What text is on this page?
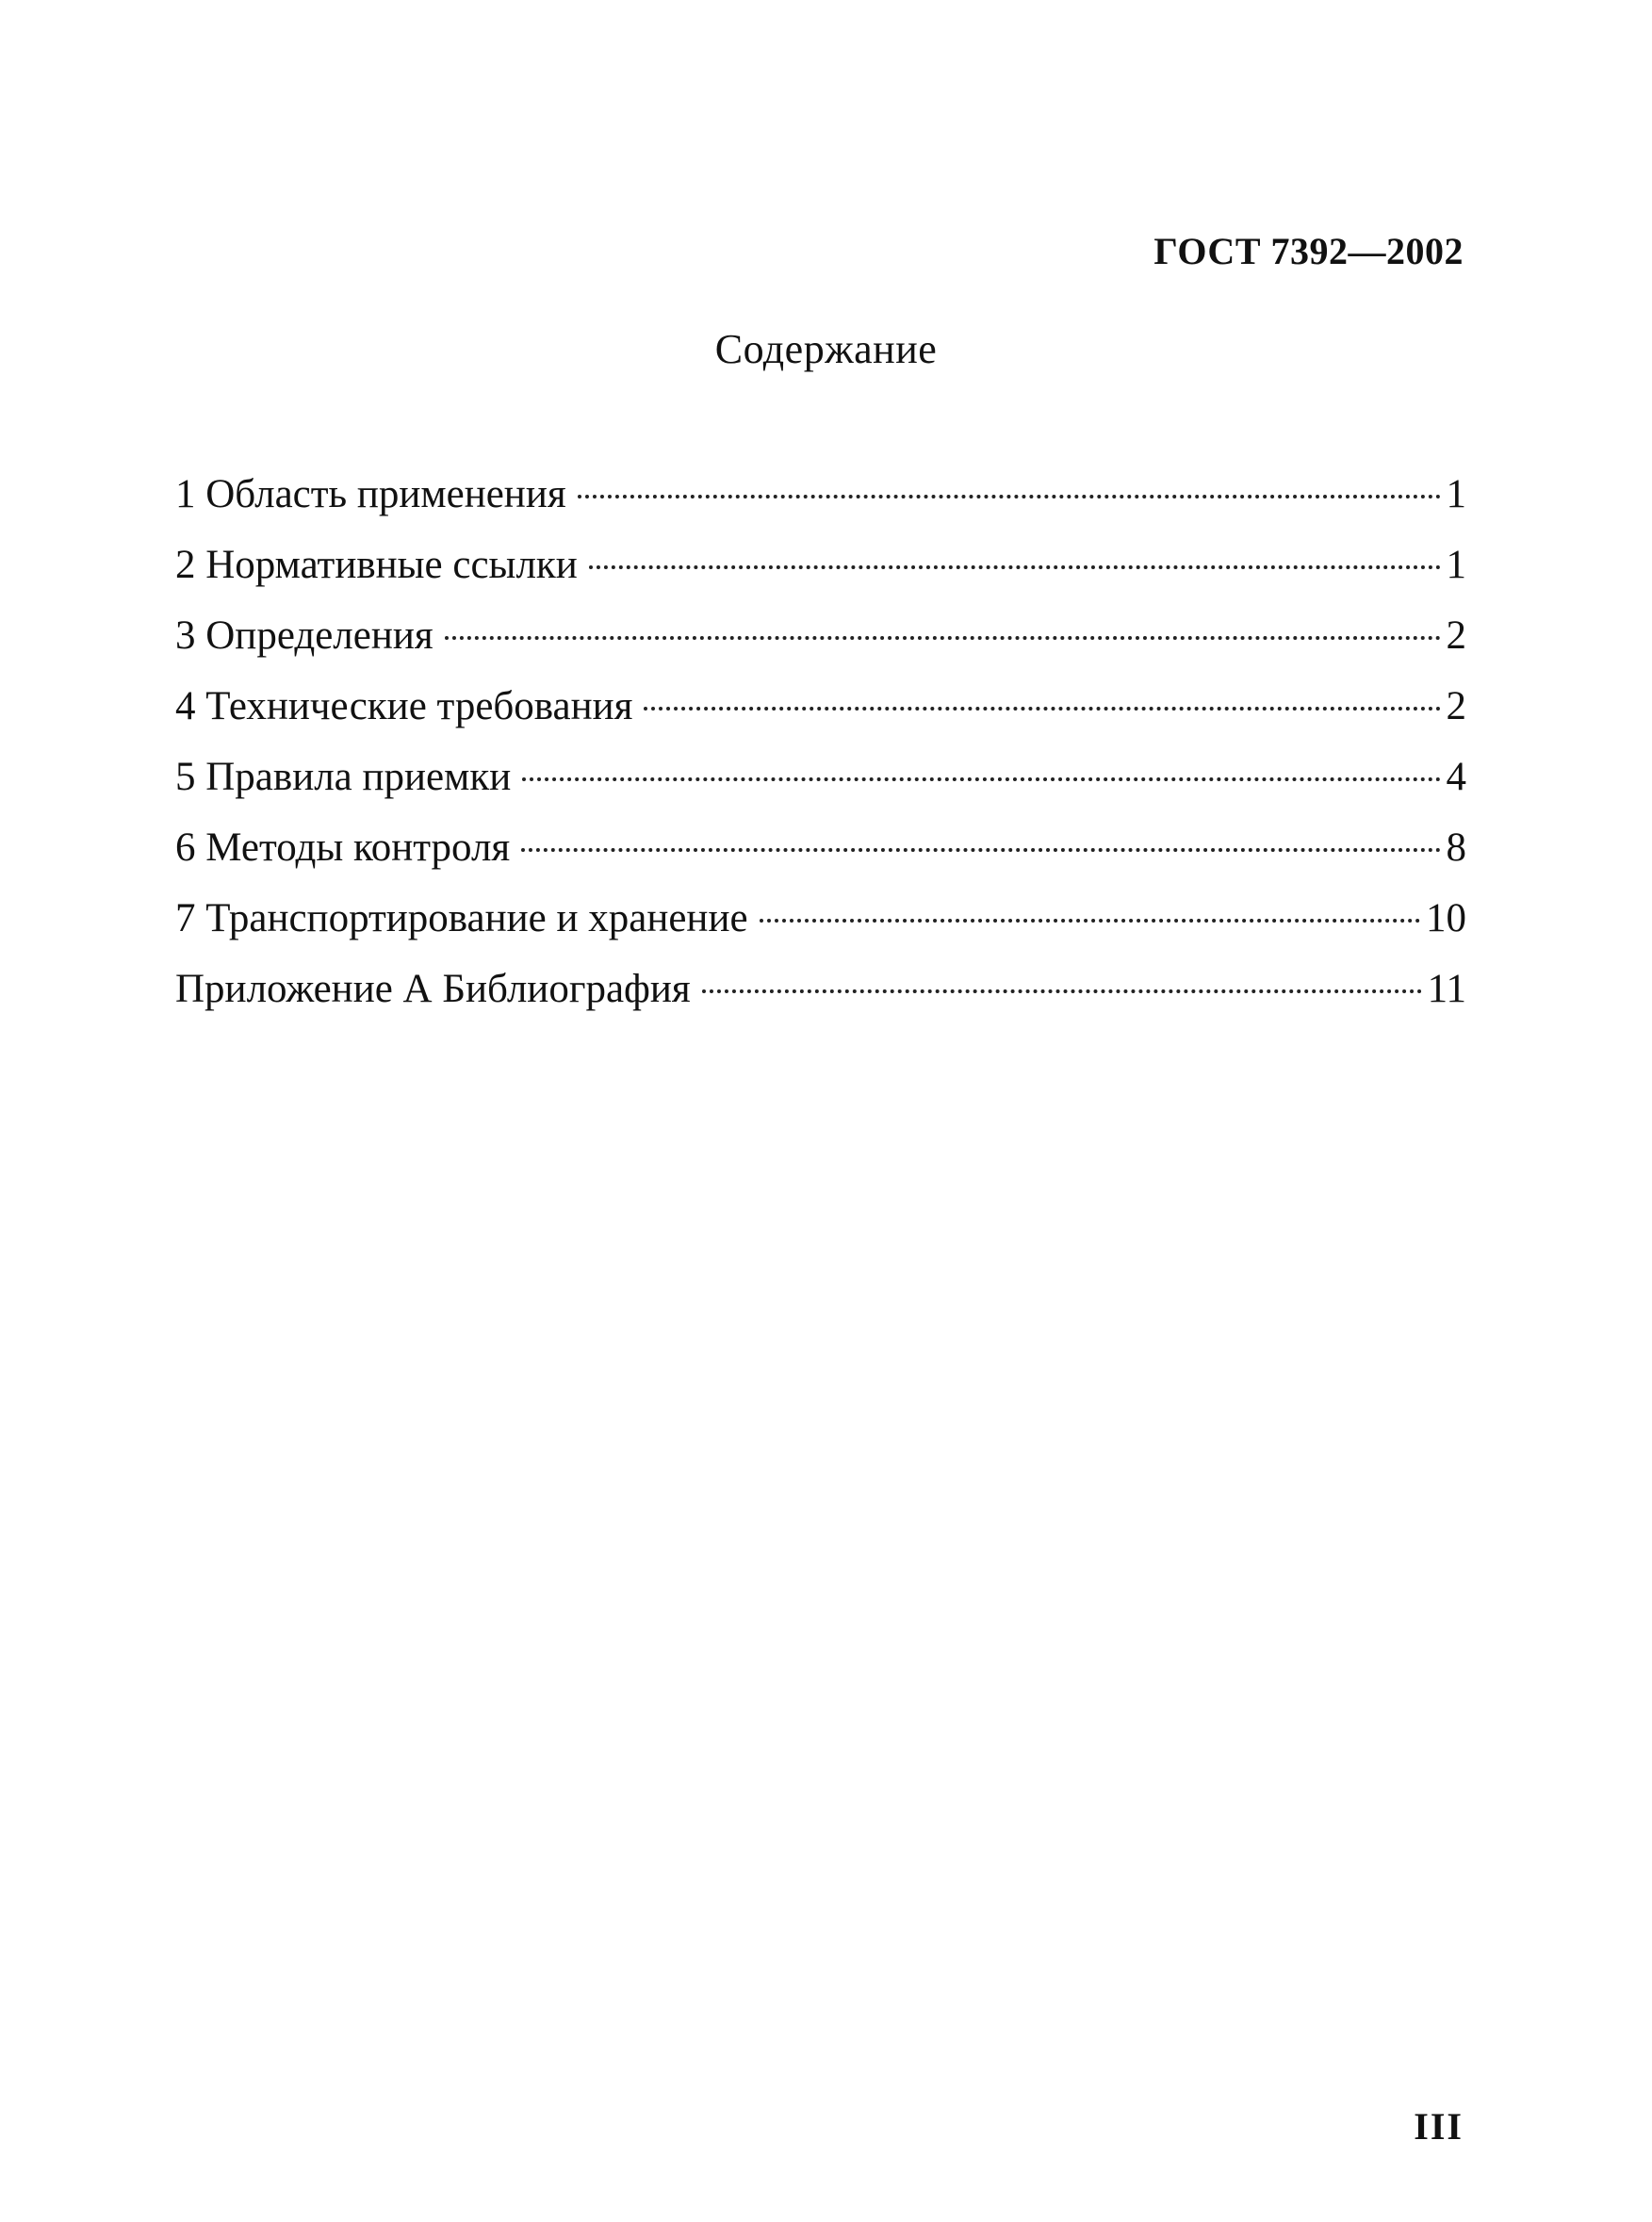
ГОСТ 7392—2002
Содержание
1 Область применения	1
2 Нормативные ссылки	1
3 Определения	2
4 Технические требования	2
5 Правила приемки	4
6 Методы контроля	8
7 Транспортирование и хранение	10
Приложение А Библиография	11
III
